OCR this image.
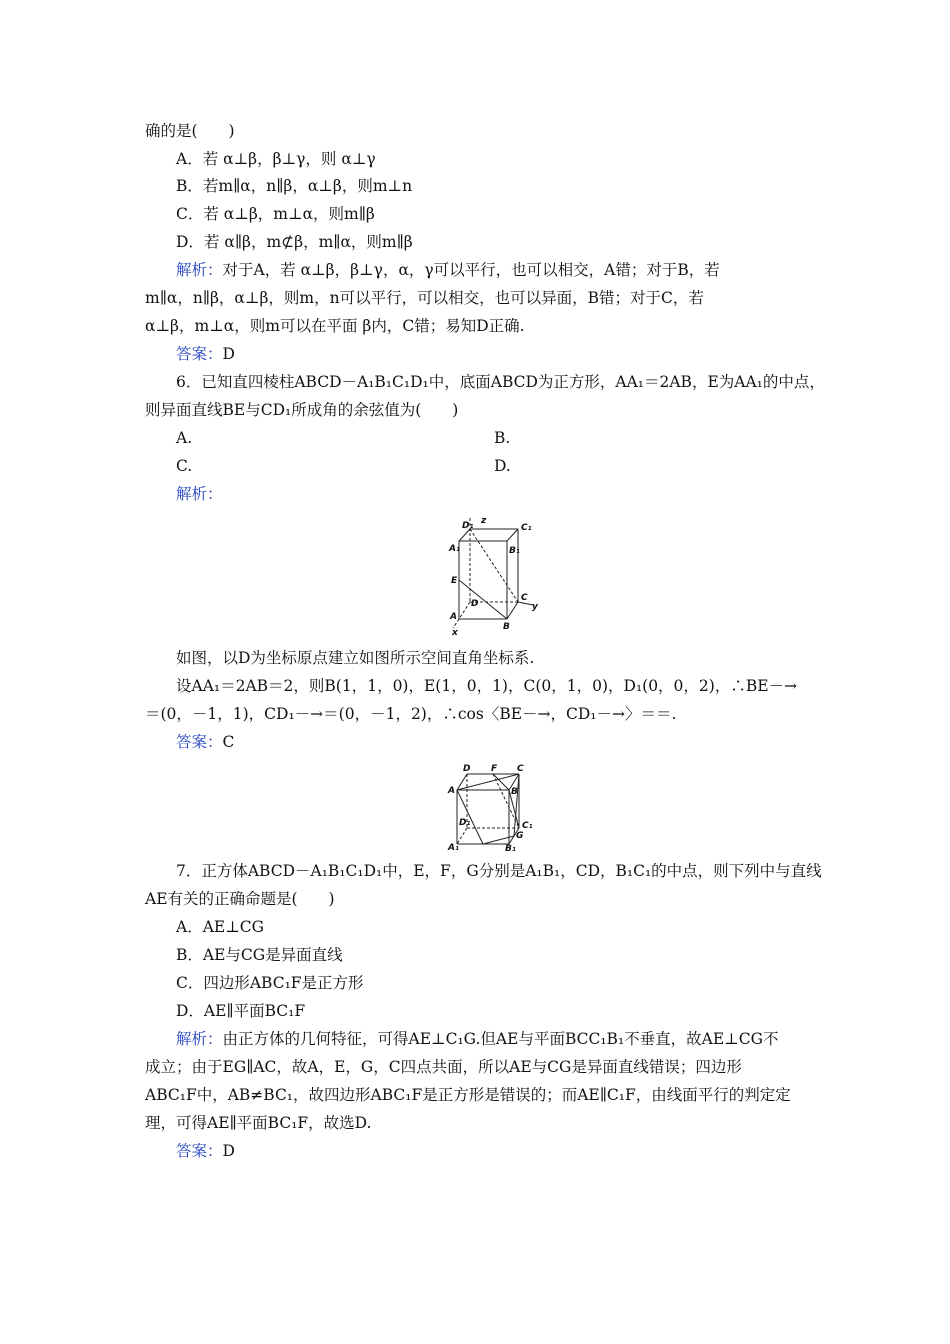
确的是(　　)
A．若 α⊥β，β⊥γ，则 α⊥γ
B．若m∥α，n∥β，α⊥β，则m⊥n
C．若 α⊥β，m⊥α，则m∥β
D．若 α∥β，m⊄β，m∥α，则m∥β
解析：对于A，若 α⊥β，β⊥γ，α，γ可以平行，也可以相交，A错；对于B，若
m∥α，n∥β，α⊥β，则m，n可以平行，可以相交，也可以异面，B错；对于C，若
α⊥β，m⊥α，则m可以在平面 β内，C错；易知D正确.
答案：D
6．已知直四棱柱ABCD－A₁B₁C₁D₁中，底面ABCD为正方形，AA₁＝2AB，E为AA₁的中点，
则异面直线BE与CD₁所成角的余弦值为(　　)
A.	B.
C.	D.
解析：
D₁ z
C₁
A₁	B₁
E
D
C
y
A
B
x
如图，以D为坐标原点建立如图所示空间直角坐标系.
设AA₁＝2AB＝2，则B(1，1，0)，E(1，0，1)，C(0，1，0)，D₁(0，0，2)，∴BE－→
＝(0，－1，1)，CD₁－→＝(0，－1，2)，∴cos〈BE－→，CD₁－→〉＝＝.
答案：C
D F C
A	B
D₁	C₁
G
A₁	B₁
7．正方体ABCD－A₁B₁C₁D₁中，E，F，G分别是A₁B₁，CD，B₁C₁的中点，则下列中与直线
AE有关的正确命题是(　　)
A．AE⊥CG
B．AE与CG是异面直线
C．四边形ABC₁F是正方形
D．AE∥平面BC₁F
解析：由正方体的几何特征，可得AE⊥C₁G.但AE与平面BCC₁B₁不垂直，故AE⊥CG不
成立；由于EG∥AC，故A，E，G，C四点共面，所以AE与CG是异面直线错误；四边形
ABC₁F中，AB≠BC₁，故四边形ABC₁F是正方形是错误的；而AE∥C₁F，由线面平行的判定定
理，可得AE∥平面BC₁F，故选D.
答案：D
